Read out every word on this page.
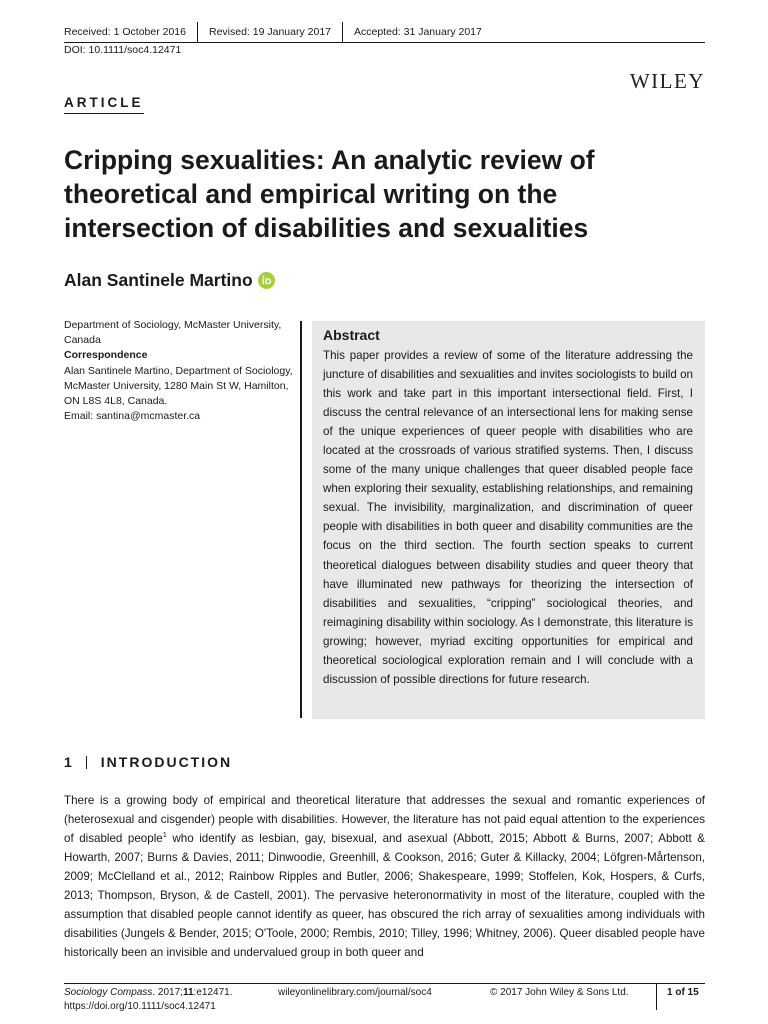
Received: 1 October 2016	Revised: 19 January 2017	Accepted: 31 January 2017
DOI: 10.1111/soc4.12471
WILEY
ARTICLE
Cripping sexualities: An analytic review of theoretical and empirical writing on the intersection of disabilities and sexualities
Alan Santinele Martino

Department of Sociology, McMaster University, Canada

Correspondence

Alan Santinele Martino, Department of Sociology, McMaster University, 1280 Main St W, Hamilton, ON L8S 4L8, Canada.

Email: santina@mcmaster.ca

Abstract

This paper provides a review of some of the literature addressing the juncture of disabilities and sexualities and invites sociologists to build on this work and take part in this important intersectional field. First, I discuss the central relevance of an intersectional lens for making sense of the unique experiences of queer people with disabilities who are located at the crossroads of various stratified systems. Then, I discuss some of the many unique challenges that queer disabled people face when exploring their sexuality, establishing relationships, and remaining sexual. The invisibility, marginalization, and discrimination of queer people with disabilities in both queer and disability communities are the focus on the third section. The fourth section speaks to current theoretical dialogues between disability studies and queer theory that have illuminated new pathways for theorizing the intersection of disabilities and sexualities, “cripping” sociological theories, and reimagining disability within sociology. As I demonstrate, this literature is growing; however, myriad exciting opportunities for empirical and theoretical sociological exploration remain and I will conclude with a discussion of possible directions for future research.

1 INTRODUCTION

There is a growing body of empirical and theoretical literature that addresses the sexual and romantic experiences of (heterosexual and cisgender) people with disabilities. However, the literature has not paid equal attention to the experiences of disabled people$^1$ who identify as lesbian, gay, bisexual, and asexual (Abbott, 2015; Abbott & Burns, 2007; Abbott & Howarth, 2007; Burns & Davies, 2011; Dinwoodie, Greenhill, & Cookson, 2016; Guter & Killacky, 2004; Löfgren-Mårtenson, 2009; McClelland et al., 2012; Rainbow Ripples and Butler, 2006; Shakespeare, 1999; Stoffelen, Kok, Hospers, & Curfs, 2013; Thompson, Bryson, & de Castell, 2001). The pervasive heteronormativity in most of the literature, coupled with the assumption that disabled people cannot identify as queer, has obscured the rich array of sexualities among individuals with disabilities (Jungels & Bender, 2015; O'Toole, 2000; Rembis, 2010; Tilley, 1996; Whitney, 2006). Queer disabled people have historically been an invisible and undervalued group in both queer and

Sociology Compass. 2017;11:e12471.
https://doi.org/10.1111/soc4.12471
wileyonlinelibrary.com/journal/soc4	© 2017 John Wiley & Sons Ltd.	1 of 15
